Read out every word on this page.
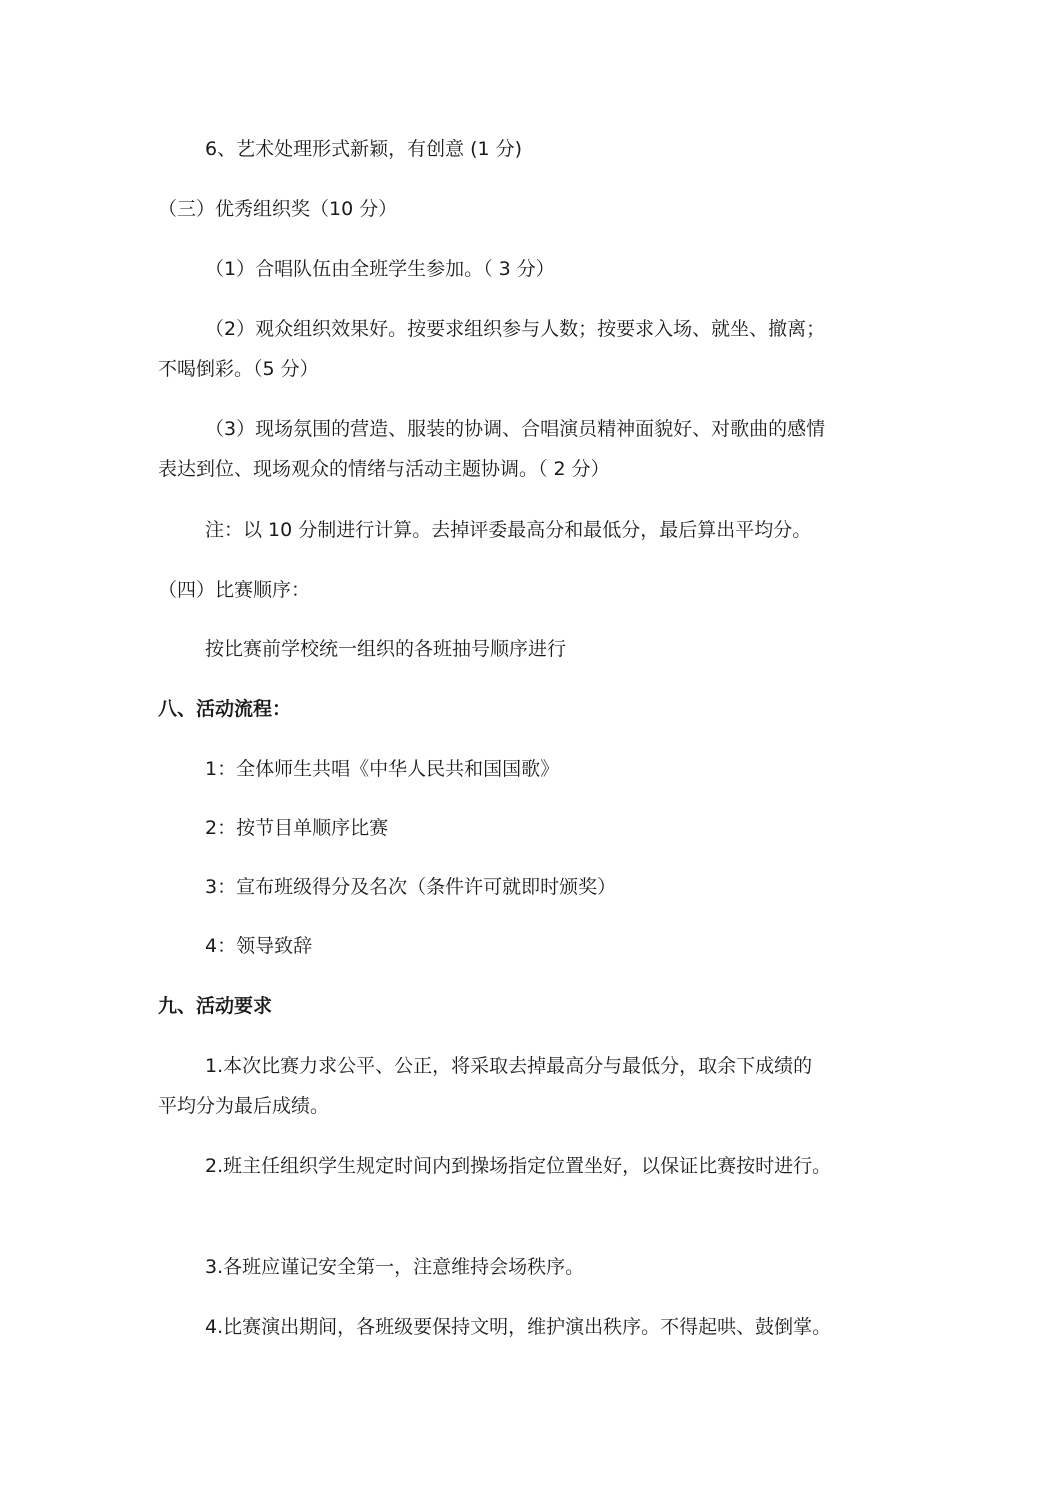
6、艺术处理形式新颖，有创意 (1 分)
（三）优秀组织奖（10 分）
（1）合唱队伍由全班学生参加。（ 3 分）
（2）观众组织效果好。按要求组织参与人数；按要求入场、就坐、撤离；
不喝倒彩。（5 分）
（3）现场氛围的营造、服装的协调、合唱演员精神面貌好、对歌曲的感情
表达到位、现场观众的情绪与活动主题协调。（ 2 分）
注：以 10 分制进行计算。去掉评委最高分和最低分，最后算出平均分。
（四）比赛顺序：
按比赛前学校统一组织的各班抽号顺序进行
八、活动流程：
1：全体师生共唱《中华人民共和国国歌》
2：按节目单顺序比赛
3：宣布班级得分及名次（条件许可就即时颁奖）
4：领导致辞
九、活动要求
1.本次比赛力求公平、公正，将采取去掉最高分与最低分，取余下成绩的
平均分为最后成绩。
2.班主任组织学生规定时间内到操场指定位置坐好，以保证比赛按时进行。
3.各班应谨记安全第一，注意维持会场秩序。
4.比赛演出期间，各班级要保持文明，维护演出秩序。不得起哄、鼓倒掌。
